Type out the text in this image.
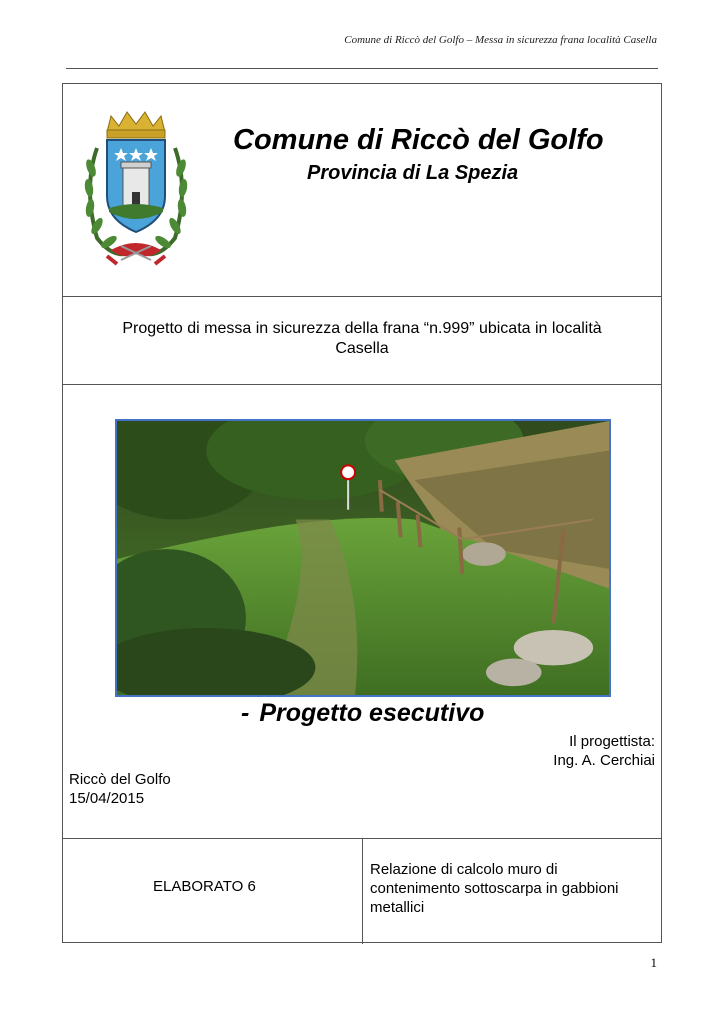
Comune di Riccò del Golfo – Messa in sicurezza frana località Casella
Comune di Riccò del Golfo
Provincia di La Spezia
Progetto di messa in sicurezza della frana “n.999” ubicata in località
Casella
- Progetto esecutivo
Il progettista:
Ing. A. Cerchiai
Riccò del Golfo
15/04/2015
ELABORATO 6
Relazione di calcolo muro di
contenimento sottoscarpa in gabbioni
metallici
1
